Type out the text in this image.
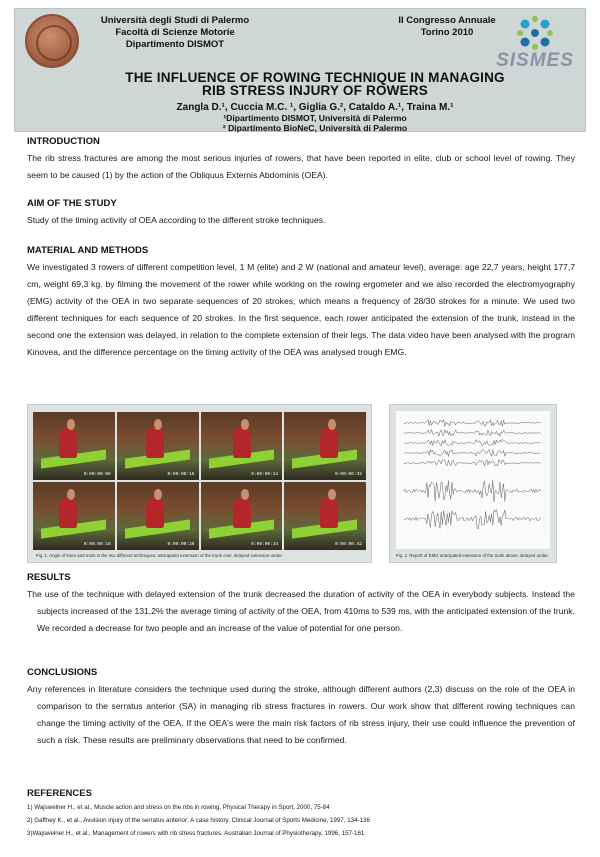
Università degli Studi di Palermo
Facoltà di Scienze Motorie
Dipartimento DISMOT
II Congresso Annuale
Torino 2010
SISMES
THE INFLUENCE OF ROWING TECHNIQUE IN MANAGING
RIB STRESS INJURY OF ROWERS
Zangla D.¹, Cuccia M.C. ¹, Giglia G.², Cataldo A.¹, Traina M.¹
¹Dipartimento DISMOT, Università di Palermo
² Dipartimento BioNeC, Università di Palermo
INTRODUCTION
The rib stress fractures are among the most serious injuries of rowers, that have been reported in elite, club or school level of rowing. They seem to be caused (1) by the action of the Obliquus Externis Abdominis (OEA).
AIM OF THE STUDY
Study of the timing activity of OEA according to the different stroke techniques.
MATERIAL AND METHODS
We investigated 3 rowers of different competition level, 1 M (elite) and 2 W (national and amateur level), average: age 22,7 years, height 177,7 cm, weight 69,3 kg. by filming the movement of the rower while working on the rowing ergometer and we also recorded the electromyography (EMG) activity of the OEA in two separate sequences of 20 strokes, which means a frequency of 28/30 strokes for a minute. We used two different techniques for each sequence of 20 strokes. In the first sequence, each rower anticipated the extension of the trunk, instead in the second one the extension was delayed, in relation to the complete extension of their legs. The data video have been analysed with the program Kinovea, and the difference percentage on the timing activity of the OEA was analysed trough EMG.
0:00:00:08	0:00:00:16	0:00:00:24	0:00:00:32
0:00:00:18	0:00:00:26	0:00:00:34	0:00:00:42
Fig. 1. Angle of knee and trunk in the two different techniques: anticipated extension of the trunk over, delayed extension under.	Fig. 2. Report of EMG anticipated extension of the trunk above, delayed under.
RESULTS
The use of the technique with delayed extension of the trunk decreased the duration of activity of the OEA in everybody subjects. Instead the subjects increased of the 131,2% the average timing of activity of the OEA, from 410ms to 539 ms, with the anticipated extension of the trunk. We recorded a decrease for two people and an increase of the value of potential for one person.
CONCLUSIONS
Any references in literature considers the technique used during the stroke, although different authors (2,3) discuss on the role of the OEA in comparison to the serratus anterior (SA) in managing rib stress fractures in rowers. Our work show that different rowing techniques can change the timing activity of the OEA. If the OEA's were the main risk factors of rib stress injury, their use could influence the prevention of such a risk. These results are preliminary observations that need to be confirmed.
REFERENCES
1) Wajswelner H., et al., Muscle action and stress on the ribs in rowing, Physical Therapy in Sport, 2000, 75-84
2) Gaffney K., et al., Avulsion injury of the serratus anterior: A case history. Clinical Journal of Sports Medicine, 1997, 134-136
3)Wajswelner H., et al., Management of rowers with rib stress fractures. Australian Journal of Physiotherapy, 1996, 157-161
